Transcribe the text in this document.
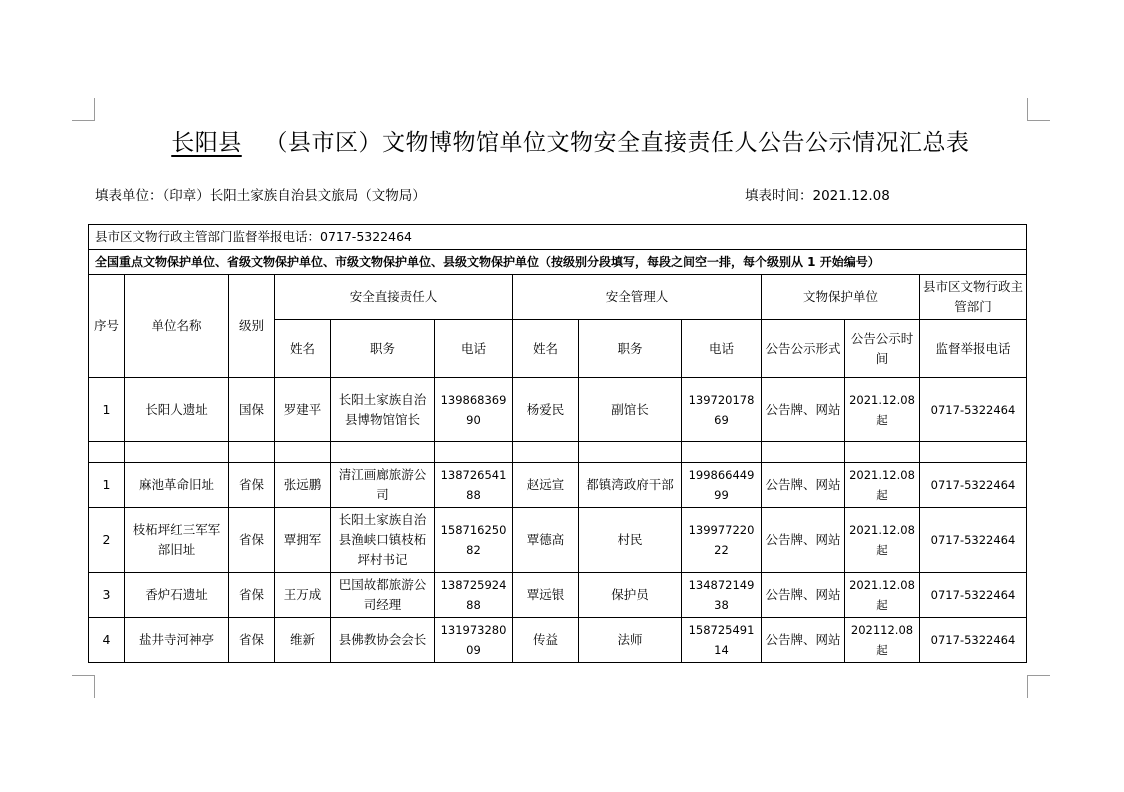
长阳县 （县市区）文物博物馆单位文物安全直接责任人公告公示情况汇总表
填表单位：（印章）长阳土家族自治县文旅局（文物局）	填表时间：2021.12.08
县市区文物行政主管部门监督举报电话：0717-5322464											
全国重点文物保护单位、省级文物保护单位、市级文物保护单位、县级文物保护单位（按级别分段填写，每段之间空一排，每个级别从 1 开始编号）											
序号	单位名称	级别	安全直接责任人			安全管理人			文物保护单位		县市区文物行政主管部门
			姓名	职务	电话	姓名	职务	电话	公告公示形式	公告公示时间	监督举报电话
1	长阳人遗址	国保	罗建平	长阳土家族自治县博物馆馆长	13986836990	杨爱民	副馆长	13972017869	公告牌、网站	2021.12.08起	0717-5322464

1	麻池革命旧址	省保	张远鹏	清江画廊旅游公司	13872654188	赵远宣	都镇湾政府干部	19986644999	公告牌、网站	2021.12.08起	0717-5322464
2	枝柘坪红三军军部旧址	省保	覃拥军	长阳土家族自治县渔峡口镇枝柘坪村书记	15871625082	覃德高	村民	13997722022	公告牌、网站	2021.12.08起	0717-5322464
3	香炉石遗址	省保	王万成	巴国故都旅游公司经理	13872592488	覃远银	保护员	13487214938	公告牌、网站	2021.12.08起	0717-5322464
4	盐井寺河神亭	省保	维新	县佛教协会会长	13197328009	传益	法师	15872549114	公告牌、网站	202112.08起	0717-5322464
